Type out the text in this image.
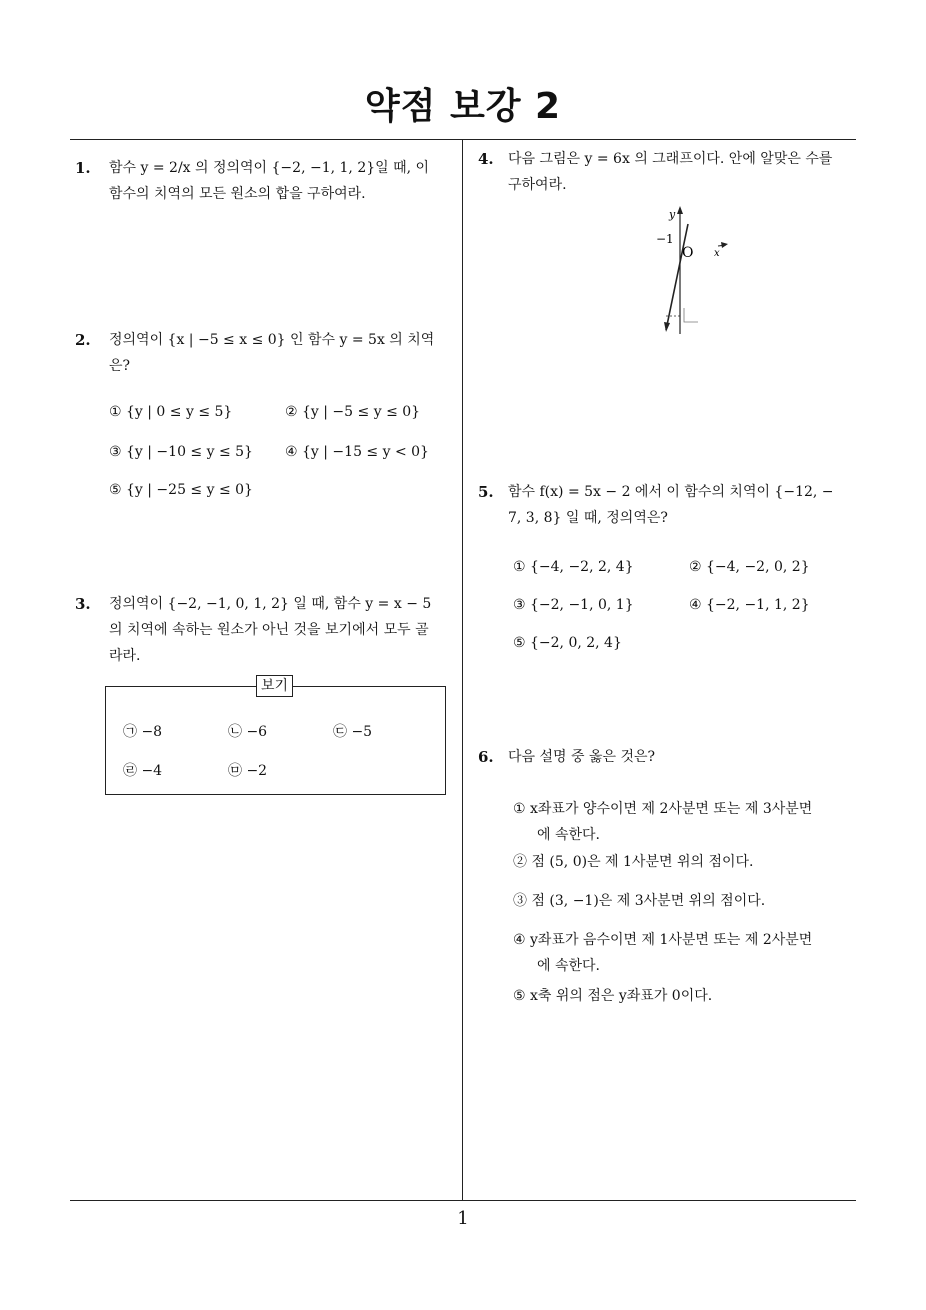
약점 보강 2
1. 함수 y = 2/x 의 정의역이 {−2, −1, 1, 2}일 때, 이
함수의 치역의 모든 원소의 합을 구하여라.
2. 정의역이 {x | −5 ≤ x ≤ 0} 인 함수 y = 5x 의 치역
은?
① {y | 0 ≤ y ≤ 5}	② {y | −5 ≤ y ≤ 0}
③ {y | −10 ≤ y ≤ 5} ④ {y | −15 ≤ y < 0}
⑤ {y | −25 ≤ y ≤ 0}
3. 정의역이 {−2, −1, 0, 1, 2} 일 때, 함수 y = x − 5
의 치역에 속하는 원소가 아닌 것을 보기에서 모두 골
라라.
보기
㉠ −8	㉡ −6	㉢ −5
㉣ −4	㉤ −2
4. 다음 그림은 y = 6x 의 그래프이다. 안에 알맞은 수를
구하여라.
y
x
O
−1
5. 함수 f(x) = 5x − 2 에서 이 함수의 치역이 {−12, −
7, 3, 8} 일 때, 정의역은?
① {−4, −2, 2, 4}	② {−4, −2, 0, 2}
③ {−2, −1, 0, 1}	④ {−2, −1, 1, 2}
⑤ {−2, 0, 2, 4}
6. 다음 설명 중 옳은 것은?
① x좌표가 양수이면 제 2사분면 또는 제 3사분면
에 속한다.
② 점 (5, 0)은 제 1사분면 위의 점이다.
③ 점 (3, −1)은 제 3사분면 위의 점이다.
④ y좌표가 음수이면 제 1사분면 또는 제 2사분면
에 속한다.
⑤ x축 위의 점은 y좌표가 0이다.
1
